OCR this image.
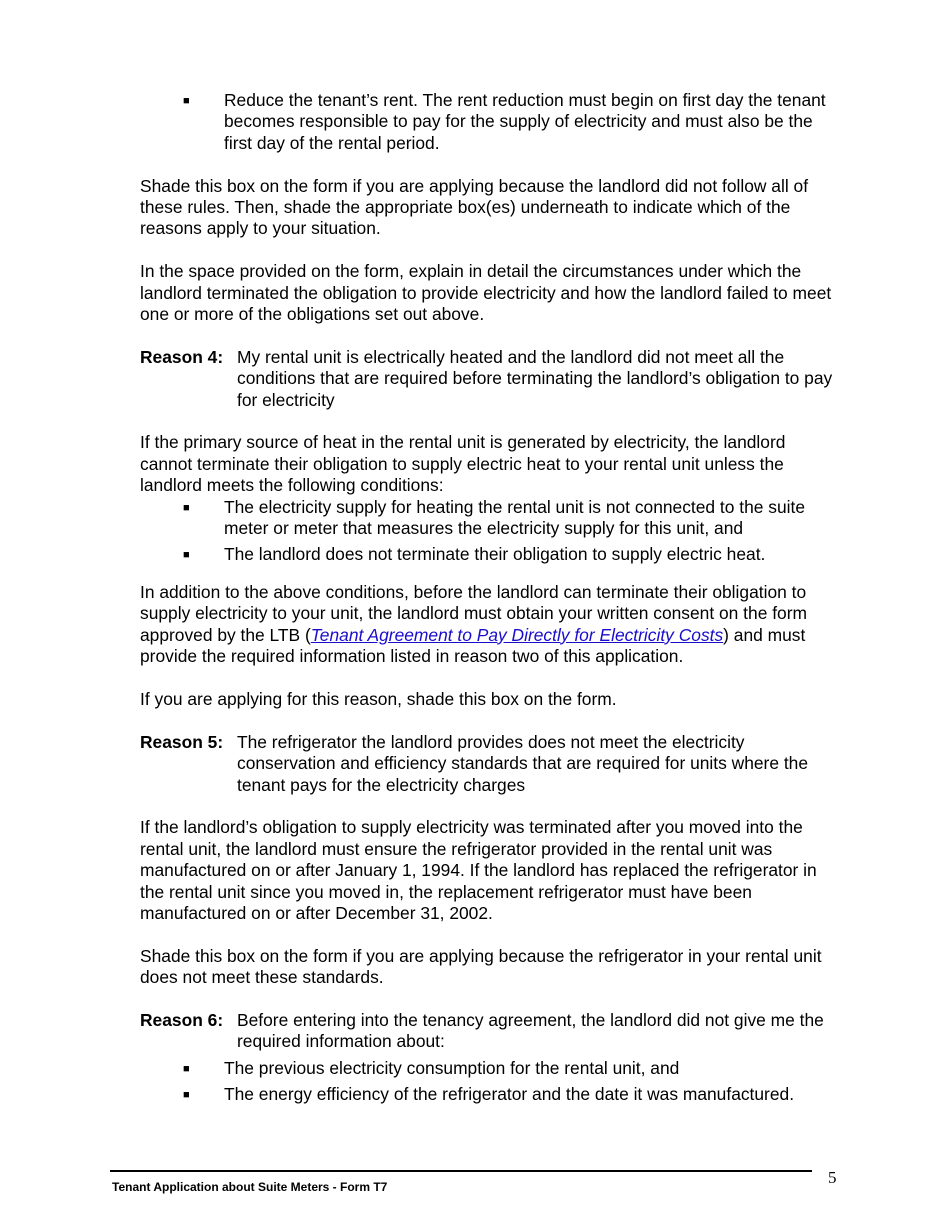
■ Reduce the tenant’s rent. The rent reduction must begin on first day the tenant becomes responsible to pay for the supply of electricity and must also be the first day of the rental period.

Shade this box on the form if you are applying because the landlord did not follow all of these rules. Then, shade the appropriate box(es) underneath to indicate which of the reasons apply to your situation.

In the space provided on the form, explain in detail the circumstances under which the landlord terminated the obligation to provide electricity and how the landlord failed to meet one or more of the obligations set out above.

Reason 4: My rental unit is electrically heated and the landlord did not meet all the conditions that are required before terminating the landlord’s obligation to pay for electricity

If the primary source of heat in the rental unit is generated by electricity, the landlord cannot terminate their obligation to supply electric heat to your rental unit unless the landlord meets the following conditions:

■ The electricity supply for heating the rental unit is not connected to the suite meter or meter that measures the electricity supply for this unit, and
■ The landlord does not terminate their obligation to supply electric heat.

In addition to the above conditions, before the landlord can terminate their obligation to supply electricity to your unit, the landlord must obtain your written consent on the form approved by the LTB (Tenant Agreement to Pay Directly for Electricity Costs) and must provide the required information listed in reason two of this application.

If you are applying for this reason, shade this box on the form.

Reason 5: The refrigerator the landlord provides does not meet the electricity conservation and efficiency standards that are required for units where the tenant pays for the electricity charges

If the landlord’s obligation to supply electricity was terminated after you moved into the rental unit, the landlord must ensure the refrigerator provided in the rental unit was manufactured on or after January 1, 1994. If the landlord has replaced the refrigerator in the rental unit since you moved in, the replacement refrigerator must have been manufactured on or after December 31, 2002.

Shade this box on the form if you are applying because the refrigerator in your rental unit does not meet these standards.

Reason 6: Before entering into the tenancy agreement, the landlord did not give me the required information about:
■ The previous electricity consumption for the rental unit, and
■ The energy efficiency of the refrigerator and the date it was manufactured.
Tenant Application about Suite Meters - Form T7	5
